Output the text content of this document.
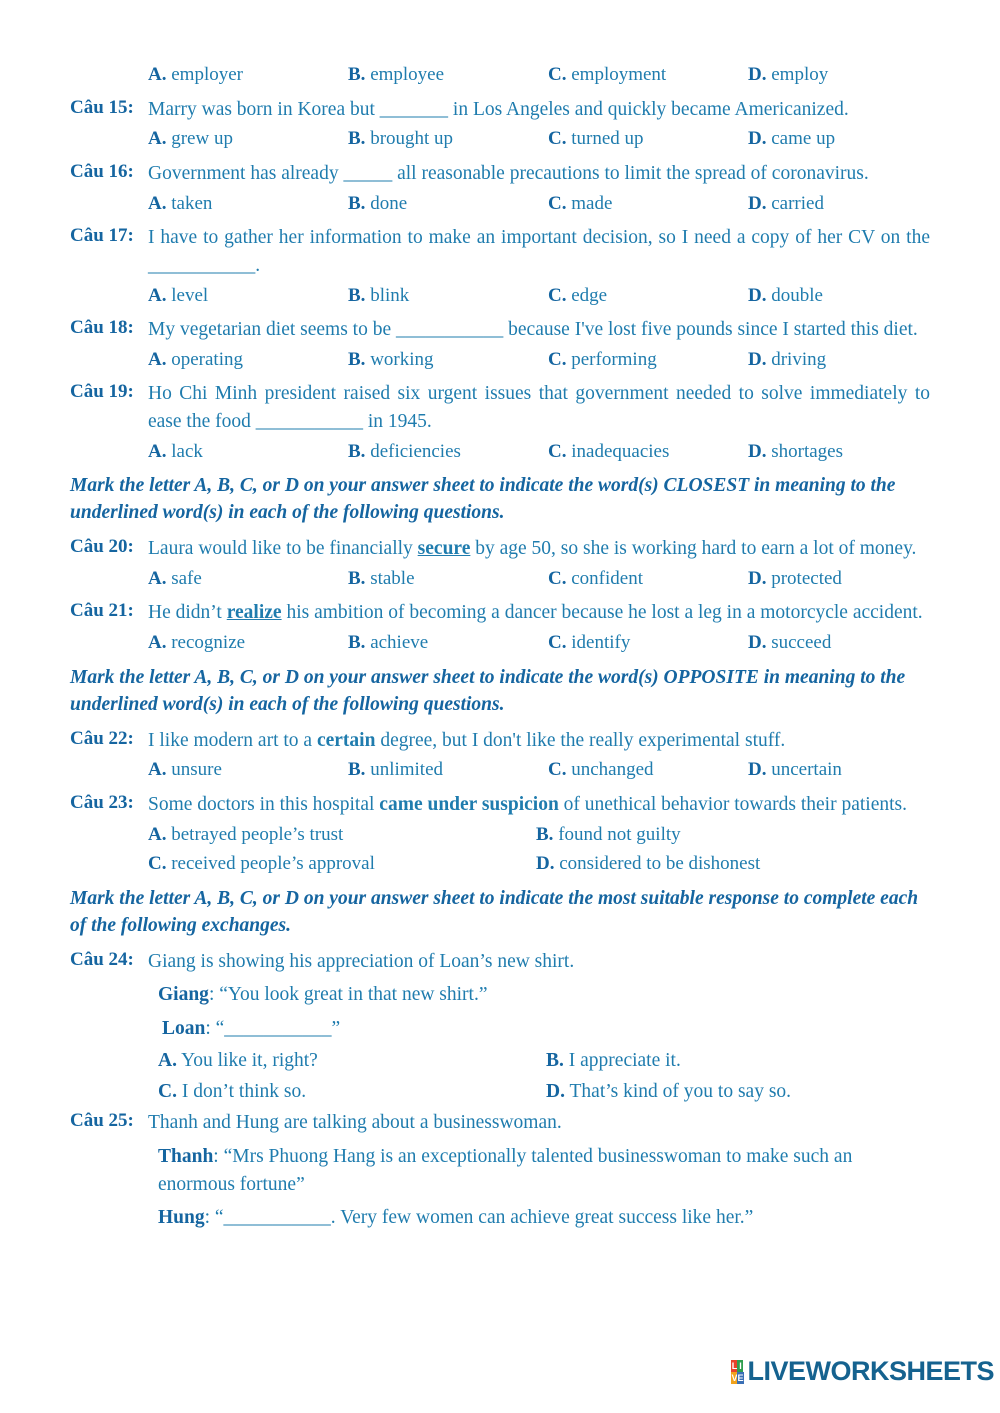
A. employer	B. employee	C. employment	D. employ
Câu 15: Marry was born in Korea but _______ in Los Angeles and quickly became Americanized.
A. grew up	B. brought up	C. turned up	D. came up
Câu 16: Government has already _____ all reasonable precautions to limit the spread of coronavirus.
A. taken	B. done	C. made	D. carried
Câu 17: I have to gather her information to make an important decision, so I need a copy of her CV on the ___________.
A. level	B. blink	C. edge	D. double
Câu 18: My vegetarian diet seems to be ___________ because I've lost five pounds since I started this diet.
A. operating	B. working	C. performing	D. driving
Câu 19: Ho Chi Minh president raised six urgent issues that government needed to solve immediately to ease the food ___________ in 1945.
A. lack	B. deficiencies	C. inadequacies	D. shortages
Mark the letter A, B, C, or D on your answer sheet to indicate the word(s) CLOSEST in meaning to the underlined word(s) in each of the following questions.
Câu 20: Laura would like to be financially secure by age 50, so she is working hard to earn a lot of money.
A. safe	B. stable	C. confident	D. protected
Câu 21: He didn’t realize his ambition of becoming a dancer because he lost a leg in a motorcycle accident.
A. recognize	B. achieve	C. identify	D. succeed
Mark the letter A, B, C, or D on your answer sheet to indicate the word(s) OPPOSITE in meaning to the underlined word(s) in each of the following questions.
Câu 22: I like modern art to a certain degree, but I don't like the really experimental stuff.
A. unsure	B. unlimited	C. unchanged	D. uncertain
Câu 23: Some doctors in this hospital came under suspicion of unethical behavior towards their patients.
A. betrayed people’s trust	B. found not guilty
C. received people’s approval	D. considered to be dishonest
Mark the letter A, B, C, or D on your answer sheet to indicate the most suitable response to complete each of the following exchanges.
Câu 24: Giang is showing his appreciation of Loan’s new shirt.
Giang: “You look great in that new shirt.”
Loan: “___________”
A. You like it, right?	B. I appreciate it.
C. I don’t think so.	D. That’s kind of you to say so.
Câu 25: Thanh and Hung are talking about a businesswoman.
Thanh: “Mrs Phuong Hang is an exceptionally talented businesswoman to make such an enormous fortune”
Hung: “___________. Very few women can achieve great success like her.”
L I
V E LIVEWORKSHEETS
